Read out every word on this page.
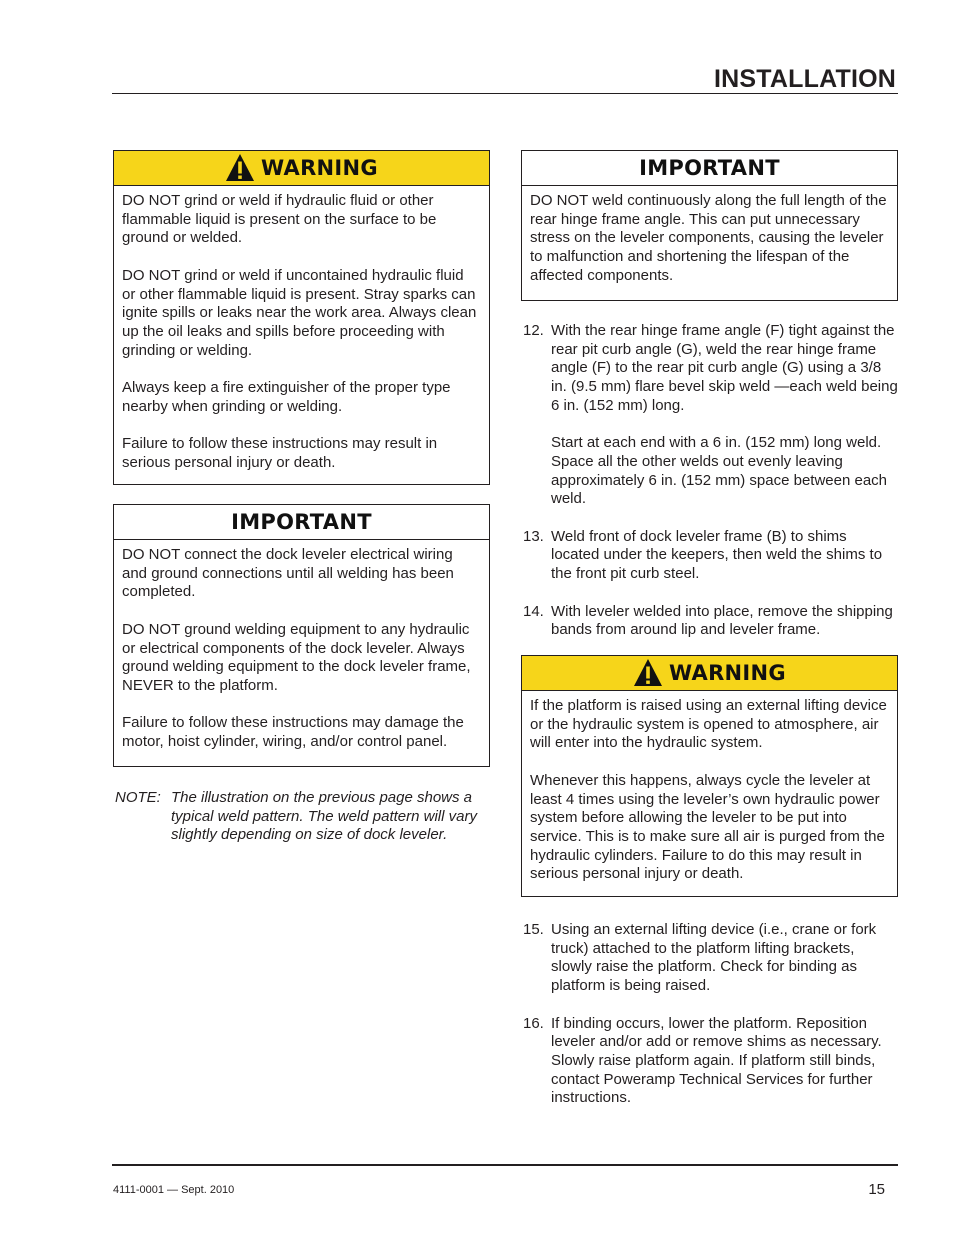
INSTALLATION
WARNING

DO NOT grind or weld if hydraulic fluid or other flammable liquid is present on the surface to be ground or welded.

DO NOT grind or weld if uncontained hydraulic fluid or other flammable liquid is present. Stray sparks can ignite spills or leaks near the work area. Always clean up the oil leaks and spills before proceeding with grinding or welding.

Always keep a fire extinguisher of the proper type nearby when grinding or welding.

Failure to follow these instructions may result in serious personal injury or death.

IMPORTANT

DO NOT connect the dock leveler electrical wiring and ground connections until all welding has been completed.

DO NOT ground welding equipment to any hydraulic or electrical components of the dock leveler. Always ground welding equipment to the dock leveler frame, NEVER to the platform.

Failure to follow these instructions may damage the motor, hoist cylinder, wiring, and/or control panel.

NOTE: The illustration on the previous page shows a typical weld pattern. The weld pattern will vary slightly depending on size of dock leveler.
IMPORTANT

DO NOT weld continuously along the full length of the rear hinge frame angle. This can put unnecessary stress on the leveler components, causing the leveler to malfunction and shortening the lifespan of the affected components.

12. With the rear hinge frame angle (F) tight against the rear pit curb angle (G), weld the rear hinge frame angle (F) to the rear pit curb angle (G) using a 3/8 in. (9.5 mm) flare bevel skip weld —each weld being 6 in. (152 mm) long.

Start at each end with a 6 in. (152 mm) long weld. Space all the other welds out evenly leaving approximately 6 in. (152 mm) space between each weld.

13. Weld front of dock leveler frame (B) to shims located under the keepers, then weld the shims to the front pit curb steel.

14. With leveler welded into place, remove the shipping bands from around lip and leveler frame.

WARNING

If the platform is raised using an external lifting device or the hydraulic system is opened to atmosphere, air will enter into the hydraulic system.

Whenever this happens, always cycle the leveler at least 4 times using the leveler’s own hydraulic power system before allowing the leveler to be put into service. This is to make sure all air is purged from the hydraulic cylinders. Failure to do this may result in serious personal injury or death.

15. Using an external lifting device (i.e., crane or fork truck) attached to the platform lifting brackets, slowly raise the platform. Check for binding as platform is being raised.

16. If binding occurs, lower the platform. Reposition leveler and/or add or remove shims as necessary. Slowly raise platform again. If platform still binds, contact Poweramp Technical Services for further instructions.

4111-0001 — Sept. 2010	15
